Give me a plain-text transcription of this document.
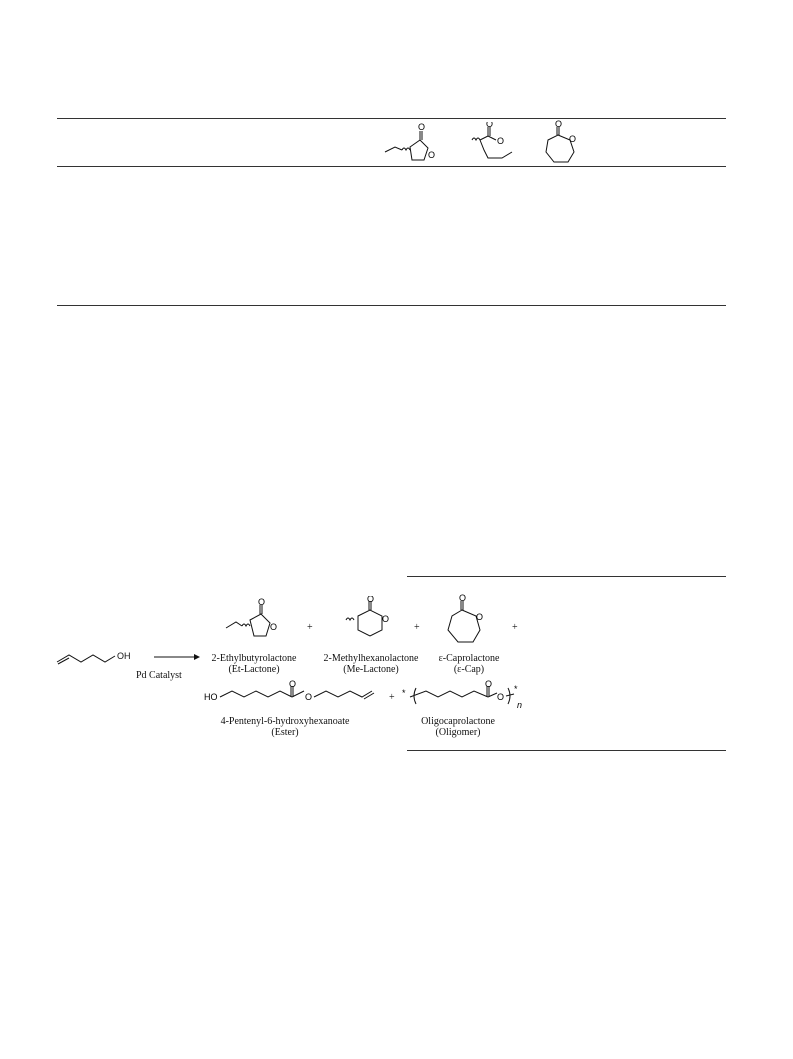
O
O
O
O
O
O
OH →
Pd Catalyst
O
O
2-Ethylbutyrolactone
(Et-Lactone)
+
O
O
2-Methylhexanolactone
(Me-Lactone)
+
O
O
ε-Caprolactone
(ε-Cap)
+
HO
O
O
4-Pentenyl-6-hydroxyhexanoate
(Ester)
+ *	*
n
O
O
Oligocaprolactone
(Oligomer)
